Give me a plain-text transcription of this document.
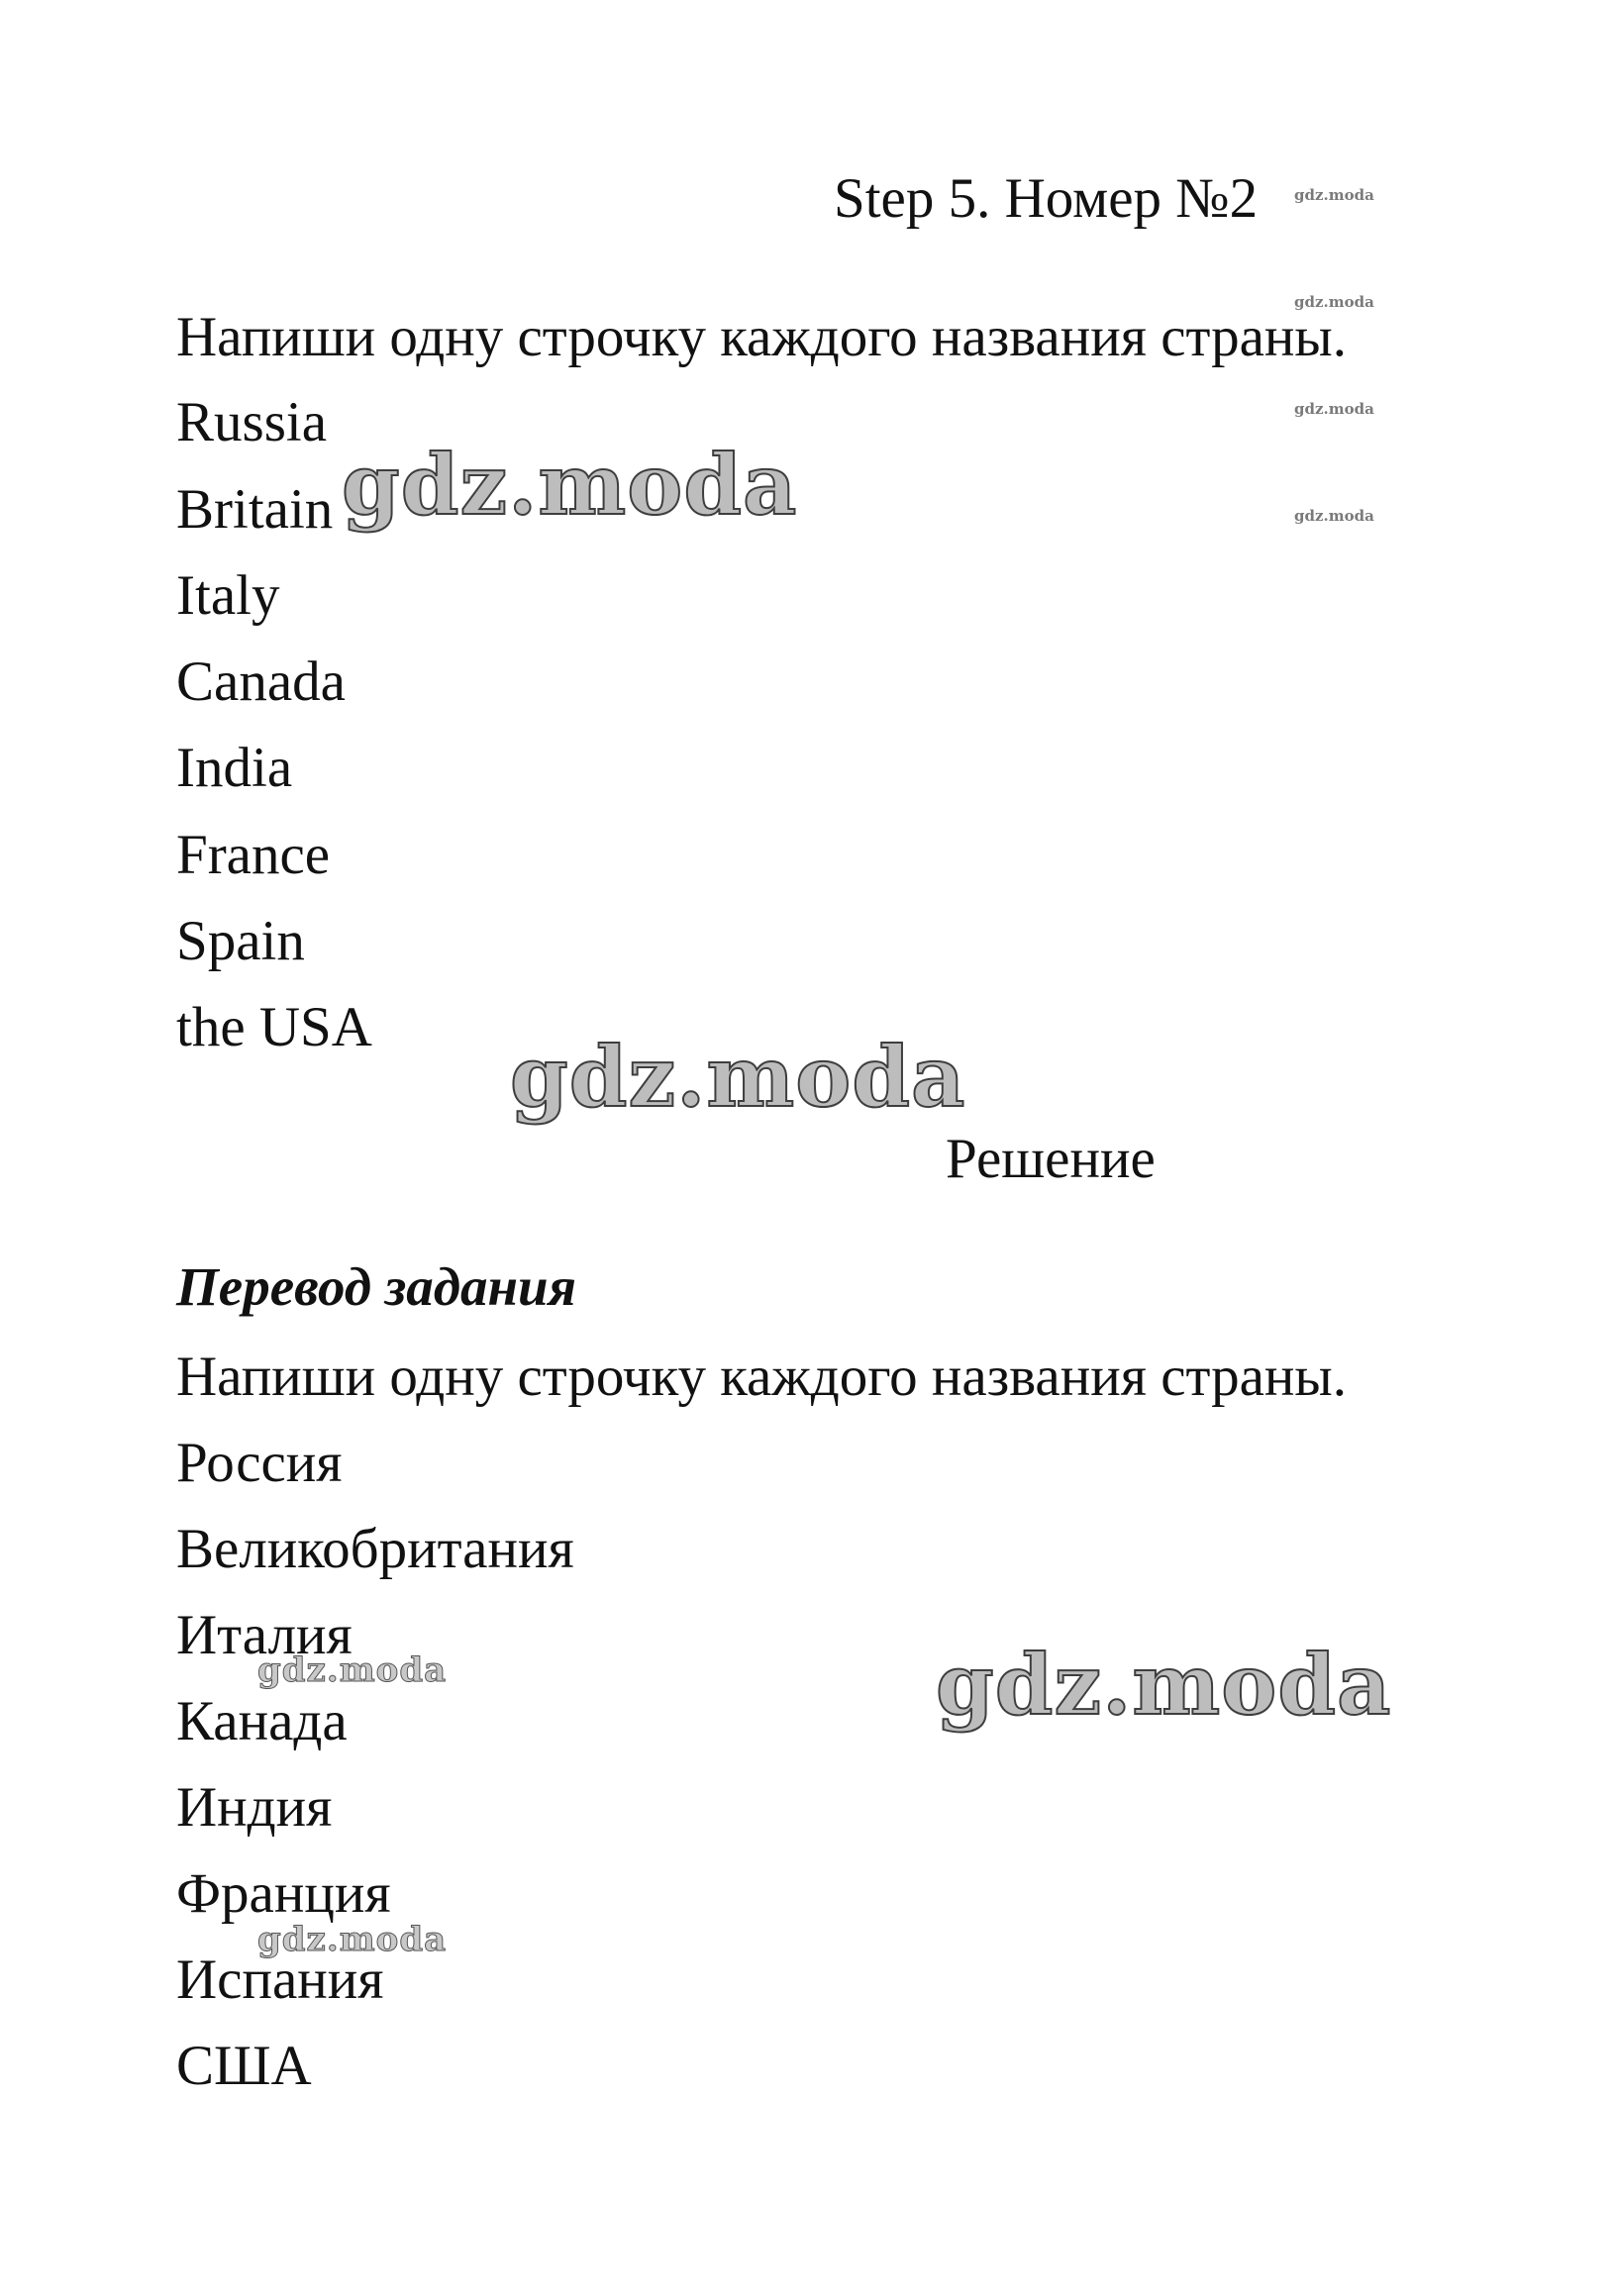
Step 5. Номер №2
Напиши одну строчку каждого названия страны.
Russia
Britain
Italy
Canada
India
France
Spain
the USA
Решение
Перевод задания
Напиши одну строчку каждого названия страны.
Россия
Великобритания
Италия
Канада
Индия
Франция
Испания
США
gdz.moda
gdz.moda
gdz.moda
gdz.moda
gdz.moda
gdz.moda
gdz.moda
gdz.moda
gdz.moda
